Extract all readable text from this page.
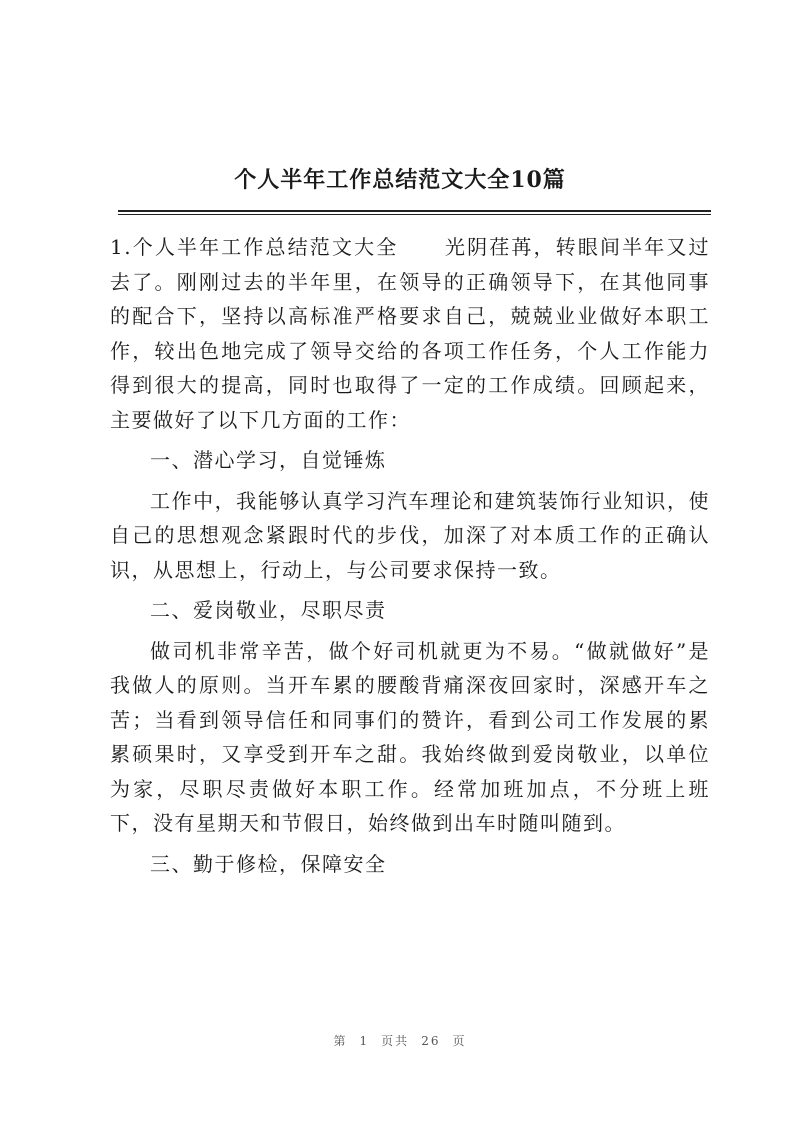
个人半年工作总结范文大全10篇

1.个人半年工作总结范文大全 光阴荏苒，转眼间半年又过去了。刚刚过去的半年里，在领导的正确领导下，在其他同事的配合下，坚持以高标准严格要求自己，兢兢业业做好本职工作，较出色地完成了领导交给的各项工作任务，个人工作能力得到很大的提高，同时也取得了一定的工作成绩。回顾起来，主要做好了以下几方面的工作：

一、潜心学习，自觉锤炼

工作中，我能够认真学习汽车理论和建筑装饰行业知识，使自己的思想观念紧跟时代的步伐，加深了对本质工作的正确认识，从思想上，行动上，与公司要求保持一致。

二、爱岗敬业，尽职尽责

做司机非常辛苦，做个好司机就更为不易。“做就做好”是我做人的原则。当开车累的腰酸背痛深夜回家时，深感开车之苦；当看到领导信任和同事们的赞许，看到公司工作发展的累累硕果时，又享受到开车之甜。我始终做到爱岗敬业，以单位为家，尽职尽责做好本职工作。经常加班加点，不分班上班下，没有星期天和节假日，始终做到出车时随叫随到。

三、勤于修检，保障安全

第 1 页共 26 页
